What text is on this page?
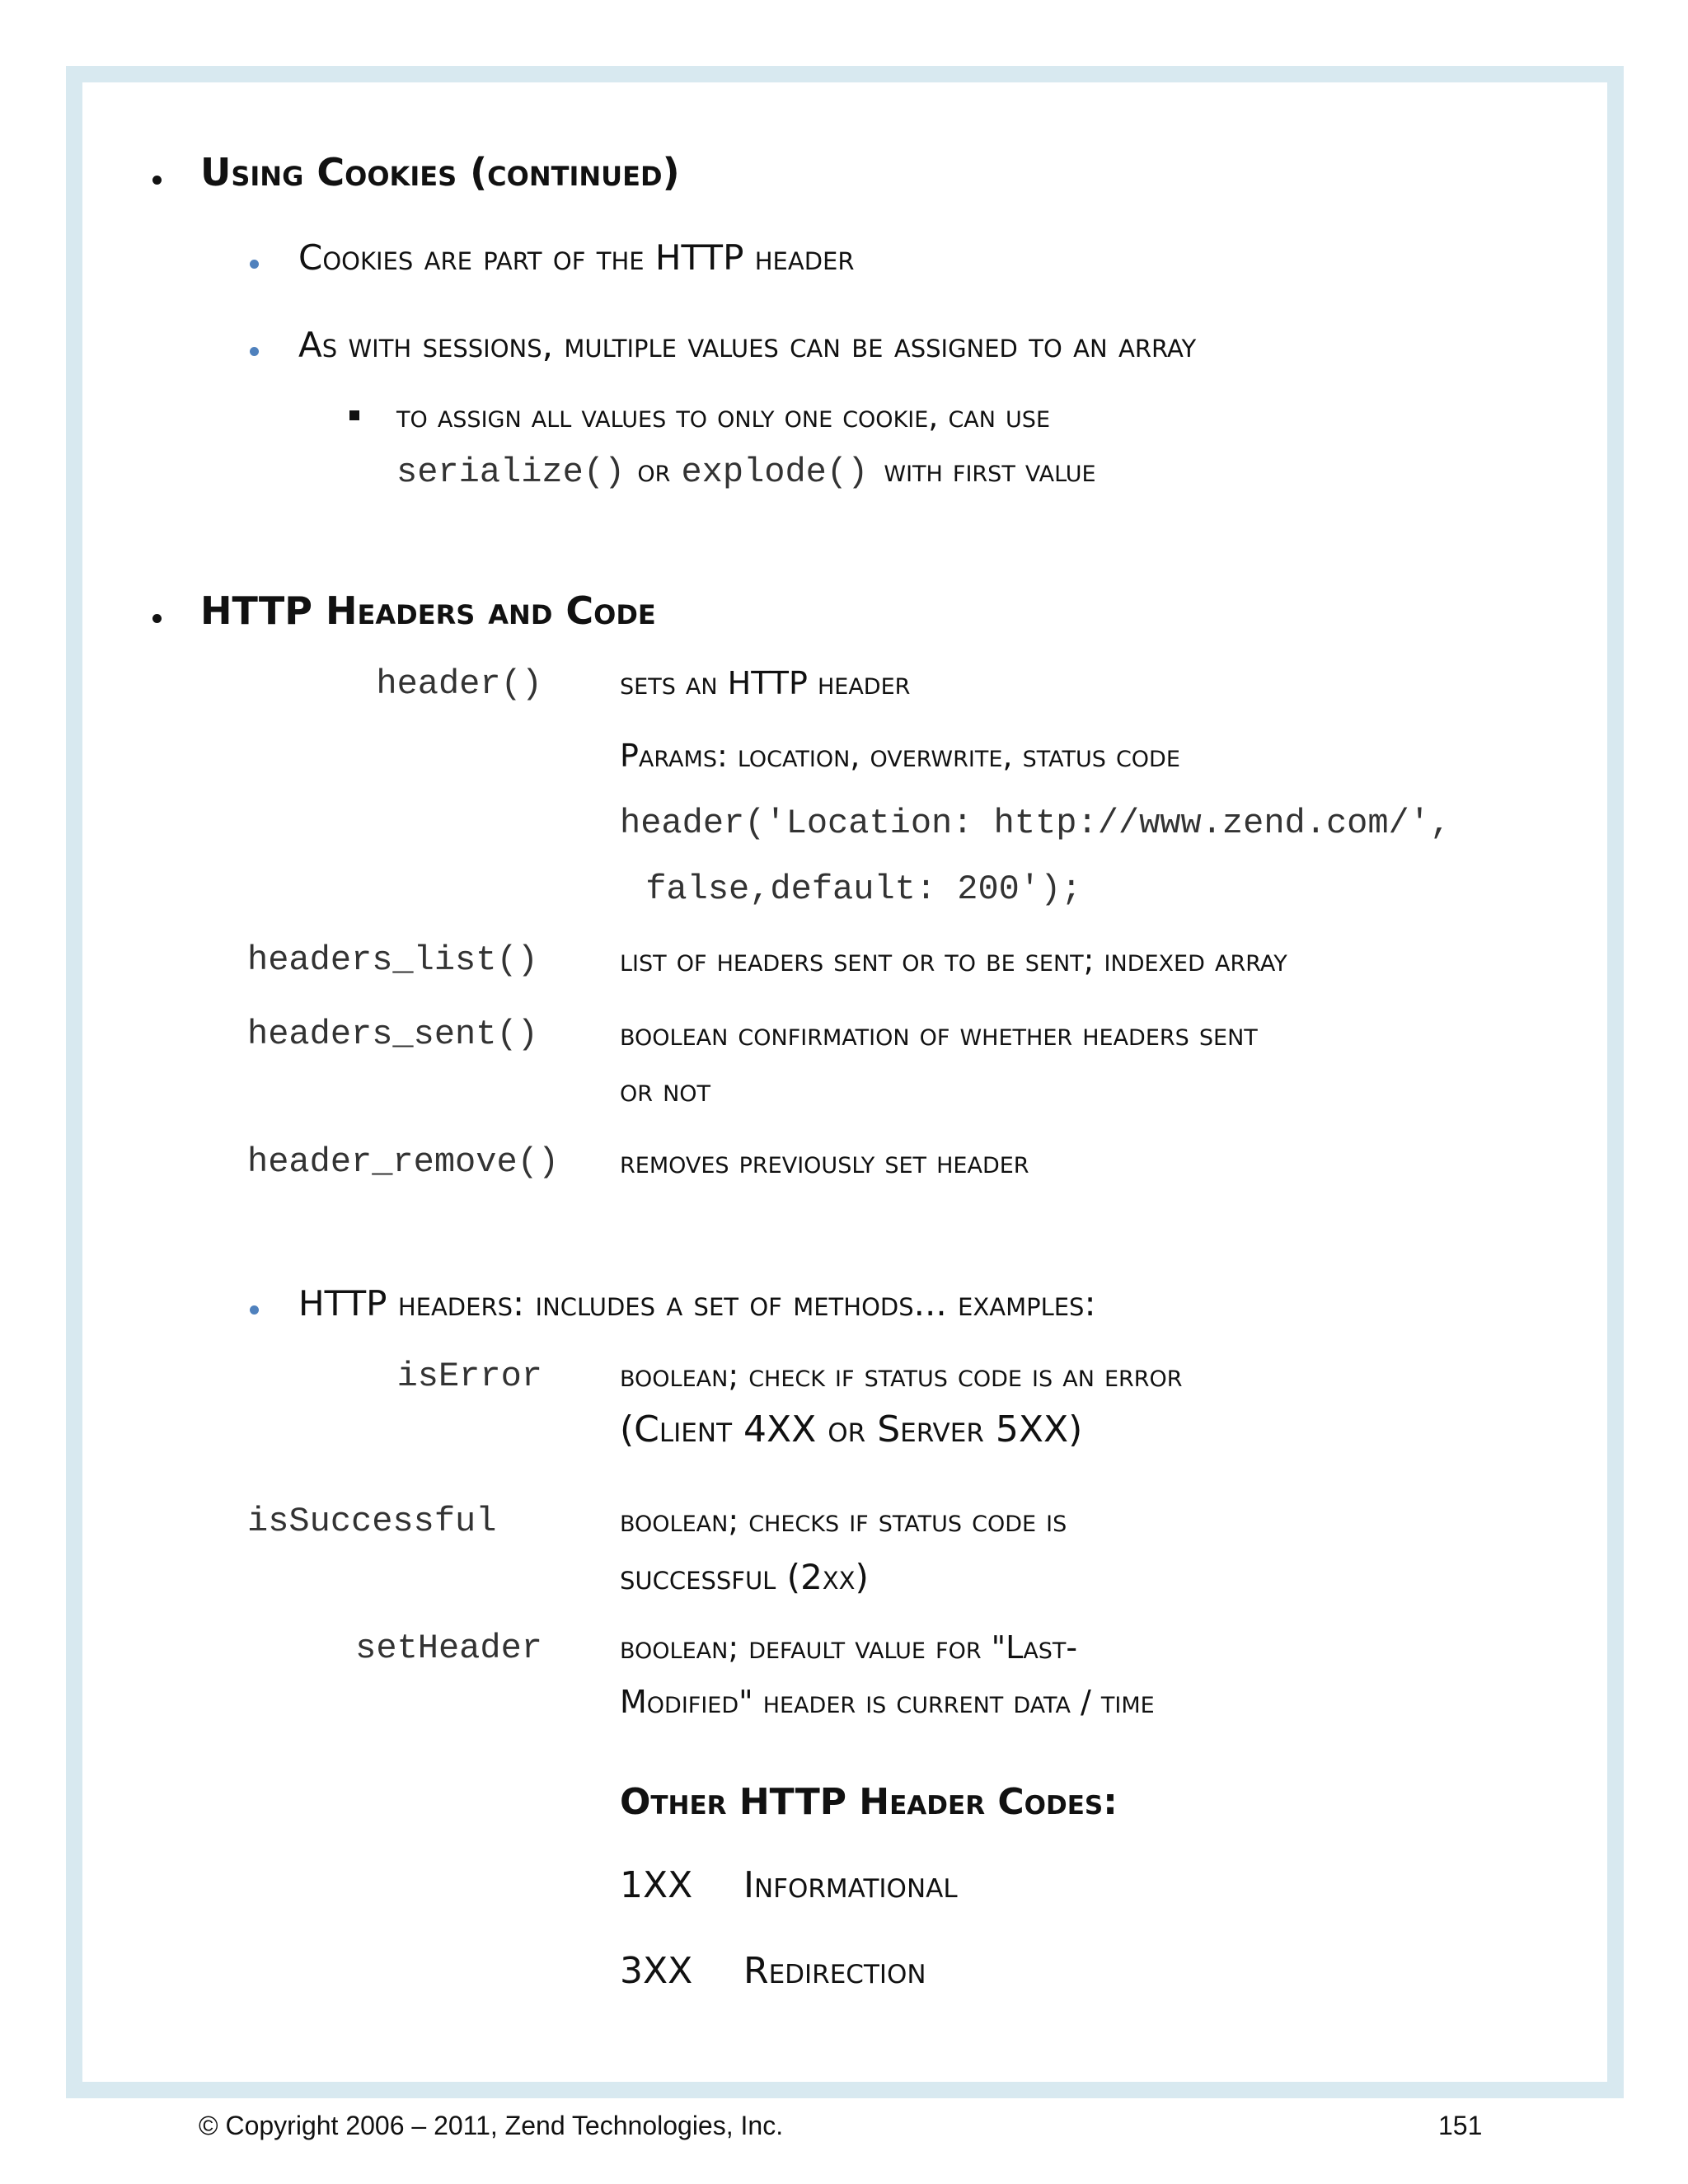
Using Cookies (continued)
Cookies are part of the HTTP header
As with sessions, multiple values can be assigned to an array
to assign all values to only one cookie, can use
serialize() or explode() with first value
HTTP Headers and Code
header() sets an HTTP header
Params: location, overwrite, status code
header('Location: http://www.zend.com/',
false,default: 200');
headers_list()	list of headers sent or to be sent; indexed array
headers_sent()	boolean confirmation of whether headers sent
or not
header_remove() removes previously set header
HTTP headers: includes a set of methods... examples:
isError boolean; check if status code is an error
(Client 4XX or Server 5XX)
isSuccessful	boolean; checks if status code is
successful (2xx)
setHeader boolean; default value for "Last-
Modified" header is current data / time
Other HTTP Header Codes:
1XX Informational
3XX Redirection
© Copyright 2006 – 2011, Zend Technologies, Inc.	151
